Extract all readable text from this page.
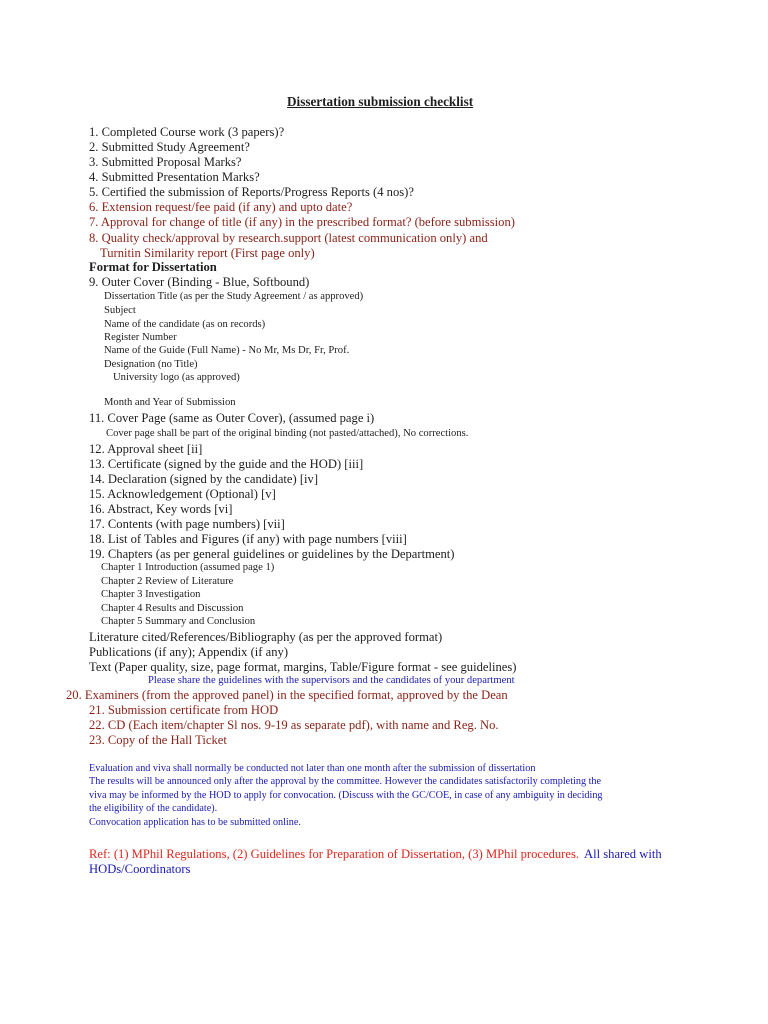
Dissertation submission checklist
1. Completed Course work (3 papers)?
2. Submitted Study Agreement?
3. Submitted Proposal Marks?
4. Submitted Presentation Marks?
5. Certified the submission of Reports/Progress Reports (4 nos)?
6. Extension request/fee paid (if any) and upto date?
7. Approval for change of title (if any) in the prescribed format? (before submission)
8. Quality check/approval by research.support (latest communication only) and
Turnitin Similarity report (First page only)
Format for Dissertation
9. Outer Cover (Binding - Blue, Softbound)
Dissertation Title (as per the Study Agreement / as approved)
Subject
Name of the candidate (as on records)
Register Number
Name of the Guide (Full Name) - No Mr, Ms Dr, Fr, Prof.
Designation (no Title)
University logo (as approved)
Month and Year of Submission
11. Cover Page (same as Outer Cover), (assumed page i)
Cover page shall be part of the original binding (not pasted/attached), No corrections.
12. Approval sheet [ii]
13. Certificate (signed by the guide and the HOD) [iii]
14. Declaration (signed by the candidate) [iv]
15. Acknowledgement (Optional) [v]
16. Abstract, Key words [vi]
17. Contents (with page numbers) [vii]
18. List of Tables and Figures (if any) with page numbers [viii]
19. Chapters (as per general guidelines or guidelines by the Department)
Chapter 1 Introduction (assumed page 1)
Chapter 2 Review of Literature
Chapter 3 Investigation
Chapter 4 Results and Discussion
Chapter 5 Summary and Conclusion
Literature cited/References/Bibliography (as per the approved format)
Publications (if any); Appendix (if any)
Text (Paper quality, size, page format, margins, Table/Figure format - see guidelines)
Please share the guidelines with the supervisors and the candidates of your department
20. Examiners (from the approved panel) in the specified format, approved by the Dean
21. Submission certificate from HOD
22. CD (Each item/chapter Sl nos. 9-19 as separate pdf), with name and Reg. No.
23. Copy of the Hall Ticket
Evaluation and viva shall normally be conducted not later than one month after the submission of dissertation
The results will be announced only after the approval by the committee. However the candidates satisfactorily completing the
viva may be informed by the HOD to apply for convocation. (Discuss with the GC/COE, in case of any ambiguity in deciding
the eligibility of the candidate).
Convocation application has to be submitted online.
Ref: (1) MPhil Regulations, (2) Guidelines for Preparation of Dissertation, (3) MPhil procedures. All shared with
HODs/Coordinators
